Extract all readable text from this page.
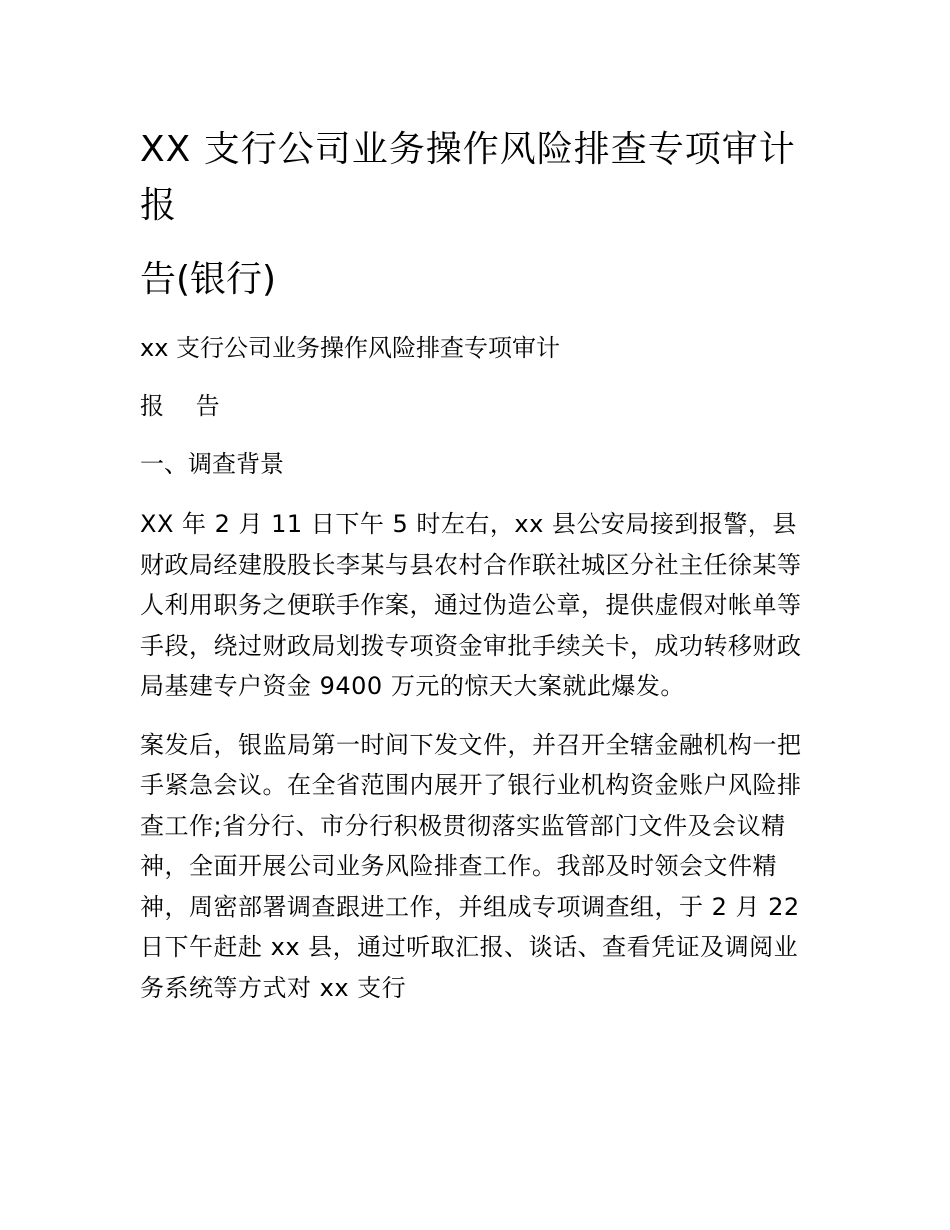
XX 支行公司业务操作风险排查专项审计报
告(银行)

xx 支行公司业务操作风险排查专项审计

报 告

一、调查背景

XX 年 2 月 11 日下午 5 时左右，xx 县公安局接到报警，县财政局经建股股长李某与县农村合作联社城区分社主任徐某等人利用职务之便联手作案，通过伪造公章，提供虚假对帐单等手段，绕过财政局划拨专项资金审批手续关卡，成功转移财政局基建专户资金 9400 万元的惊天大案就此爆发。

案发后，银监局第一时间下发文件，并召开全辖金融机构一把手紧急会议。在全省范围内展开了银行业机构资金账户风险排查工作;省分行、市分行积极贯彻落实监管部门文件及会议精神，全面开展公司业务风险排查工作。我部及时领会文件精神，周密部署调查跟进工作，并组成专项调查组，于 2 月 22 日下午赶赴 xx 县，通过听取汇报、谈话、查看凭证及调阅业务系统等方式对 xx 支行
